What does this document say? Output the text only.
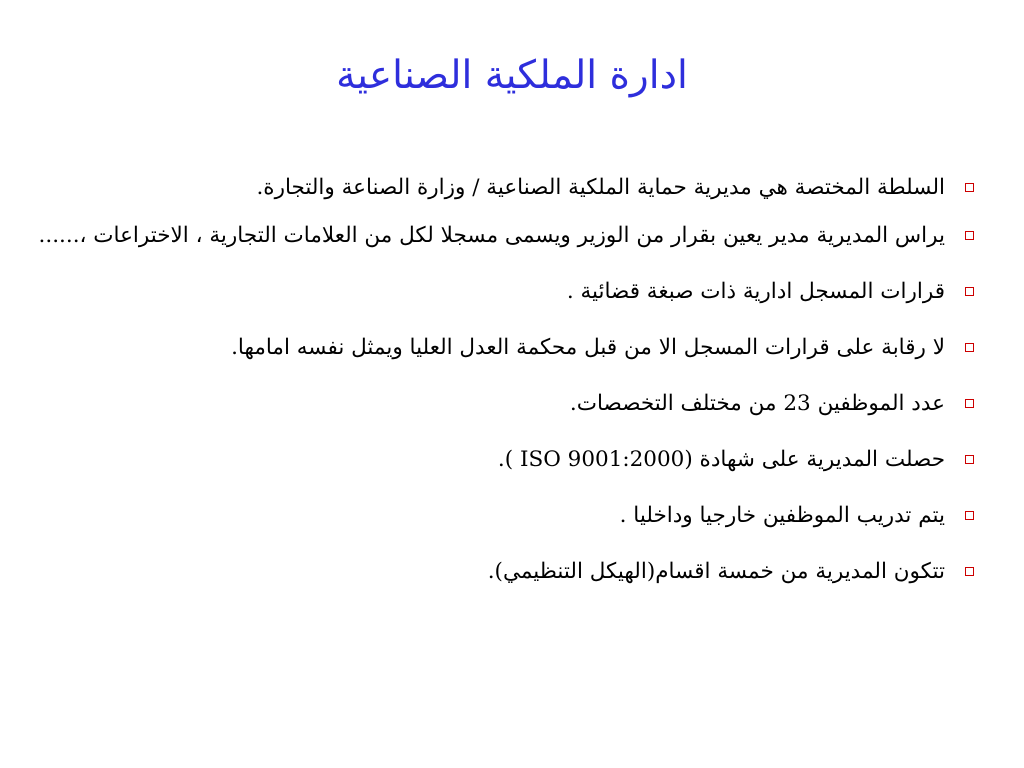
ادارة الملكية الصناعية
السلطة المختصة هي مديرية حماية الملكية الصناعية / وزارة الصناعة والتجارة.
يراس المديرية مدير يعين بقرار من الوزير ويسمى مسجلا لكل من العلامات التجارية ، الاختراعات ،......
قرارات المسجل ادارية ذات صبغة قضائية .
لا رقابة على قرارات المسجل الا من قبل محكمة العدل العليا ويمثل نفسه امامها.
عدد الموظفين 23 من مختلف التخصصات.
حصلت المديرية على شهادة (ISO 9001:2000 ).
يتم تدريب الموظفين خارجيا وداخليا .
تتكون المديرية من خمسة اقسام(الهيكل التنظيمي).
